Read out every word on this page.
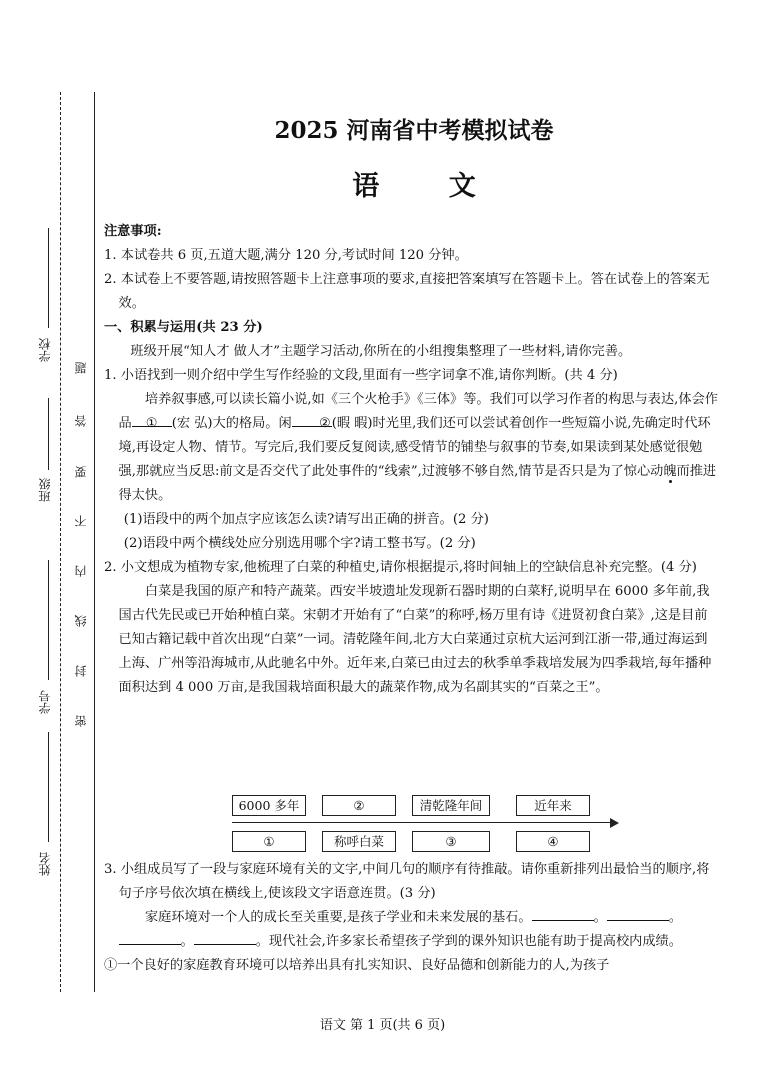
学校
班级
学号
姓名
题
答
要
不
内
线
封
密
2025 河南省中考模拟试卷
语 文
注意事项:
1. 本试卷共 6 页,五道大题,满分 120 分,考试时间 120 分钟。
2. 本试卷上不要答题,请按照答题卡上注意事项的要求,直接把答案填写在答题卡上。答在试卷上的答案无效。
一、积累与运用(共 23 分)
班级开展“知人才 做人才”主题学习活动,你所在的小组搜集整理了一些材料,请你完善。
1. 小语找到一则介绍中学生写作经验的文段,里面有一些字词拿不准,请你判断。(共 4 分)
培养叙事感,可以读长篇小说,如《三个火枪手》《三体》等。我们可以学习作者的构思与表达,体会作品 ① (宏 弘)大的格局。闲 ②(暇 暇)时光里,我们还可以尝试着创作一些短篇小说,先确定时代环境,再设定人物、情节。写完后,我们要反复阅读,感受情节的铺垫与叙事的节奏,如果读到某处感觉很勉强,那就应当反思:前文是否交代了此处事件的“线索”,过渡够不够自然,情节是否只是为了惊心动魄而推进得太快。
(1)语段中的两个加点字应该怎么读?请写出正确的拼音。(2 分)
(2)语段中两个横线处应分别选用哪个字?请工整书写。(2 分)
2. 小文想成为植物专家,他梳理了白菜的种植史,请你根据提示,将时间轴上的空缺信息补充完整。(4 分)
白菜是我国的原产和特产蔬菜。西安半坡遗址发现新石器时期的白菜籽,说明早在 6000 多年前,我国古代先民或已开始种植白菜。宋朝才开始有了“白菜”的称呼,杨万里有诗《进贤初食白菜》,这是目前已知古籍记载中首次出现“白菜”一词。清乾隆年间,北方大白菜通过京杭大运河到江浙一带,通过海运到上海、广州等沿海城市,从此驰名中外。近年来,白菜已由过去的秋季单季栽培发展为四季栽培,每年播种面积达到 4 000 万亩,是我国栽培面积最大的蔬菜作物,成为名副其实的“百菜之王”。
3. 小组成员写了一段与家庭环境有关的文字,中间几句的顺序有待推敲。请你重新排列出最恰当的顺序,将句子序号依次填在横线上,使该段文字语意连贯。(3 分)
家庭环境对一个人的成长至关重要,是孩子学业和未来发展的基石。	。	。。	。现代社会,许多家长希望孩子学到的课外知识也能有助于提高校内成绩。
①一个良好的家庭教育环境可以培养出具有扎实知识、良好品德和创新能力的人,为孩子
6000 多年	②	清乾隆年间	近年来
①	称呼白菜	③	④
语文 第 1 页(共 6 页)
